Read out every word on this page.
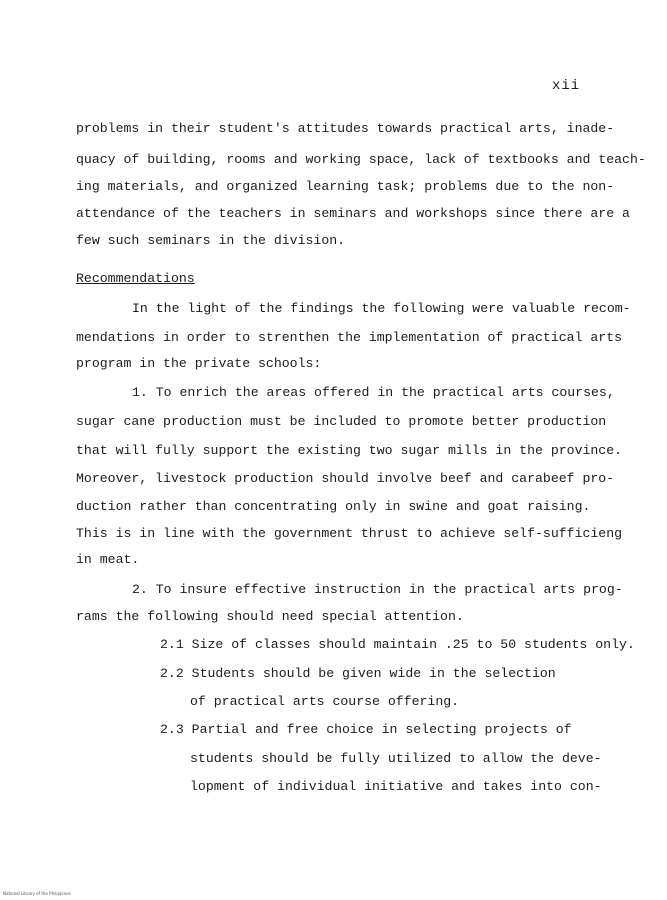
xii
problems in their student's attitudes towards practical arts, inade-
quacy of building, rooms and working space, lack of textbooks and teach-
ing materials, and organized learning task; problems due to the non-
attendance of the teachers in seminars and workshops since there are a
few such seminars in the division.
Recommendations
In the light of the findings the following were valuable recom-
mendations in order to strenthen the implementation of practical arts
program in the private schools:
1. To enrich the areas offered in the practical arts courses,
sugar cane production must be included to promote better production
that will fully support the existing two sugar mills in the province.
Moreover, livestock production should involve beef and carabeef pro-
duction rather than concentrating only in swine and goat raising.
This is in line with the government thrust to achieve self-sufficieng
in meat.
2. To insure effective instruction in the practical arts prog-
rams the following should need special attention.
2.1 Size of classes should maintain .25 to 50 students only.
2.2 Students should be given wide in the selection
of practical arts course offering.
2.3 Partial and free choice in selecting projects of
students should be fully utilized to allow the deve-
lopment of individual initiative and takes into con-
National Library of the Philippines
